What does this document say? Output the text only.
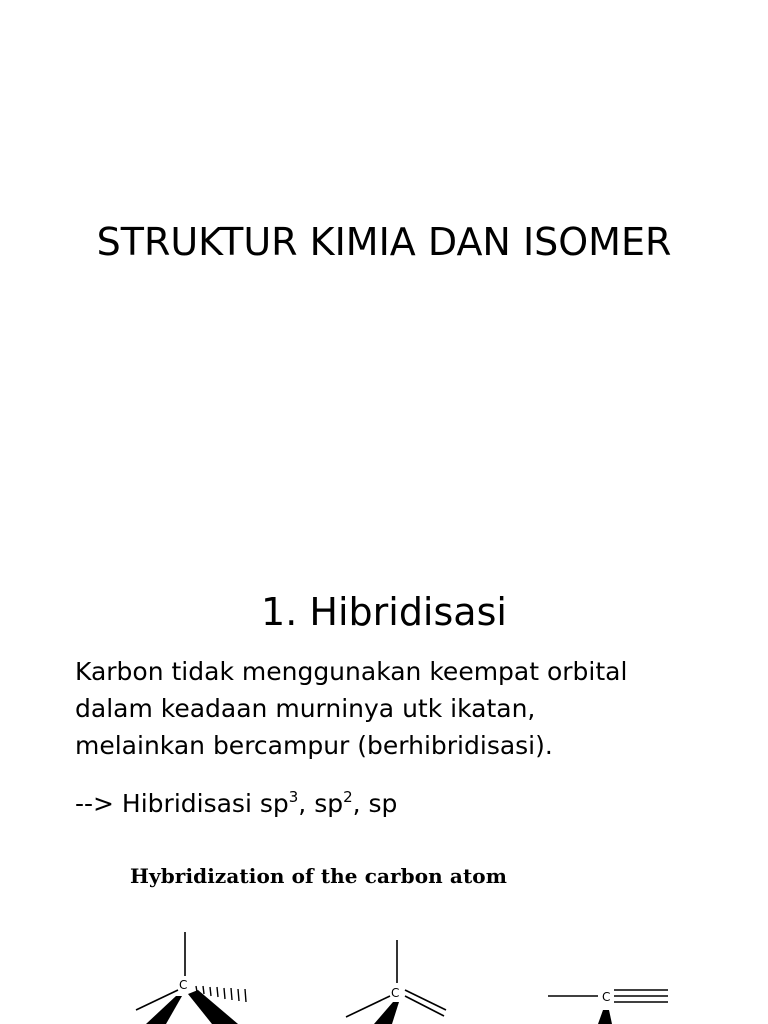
STRUKTUR KIMIA DAN ISOMER
1. Hibridisasi

Karbon tidak menggunakan keempat orbital
dalam keadaan murninya utk ikatan,
melainkan bercampur (berhibridisasi).

--> Hibridisasi $sp^3$, $sp^2$, sp
Hybridization of the carbon atom
C
C	C
